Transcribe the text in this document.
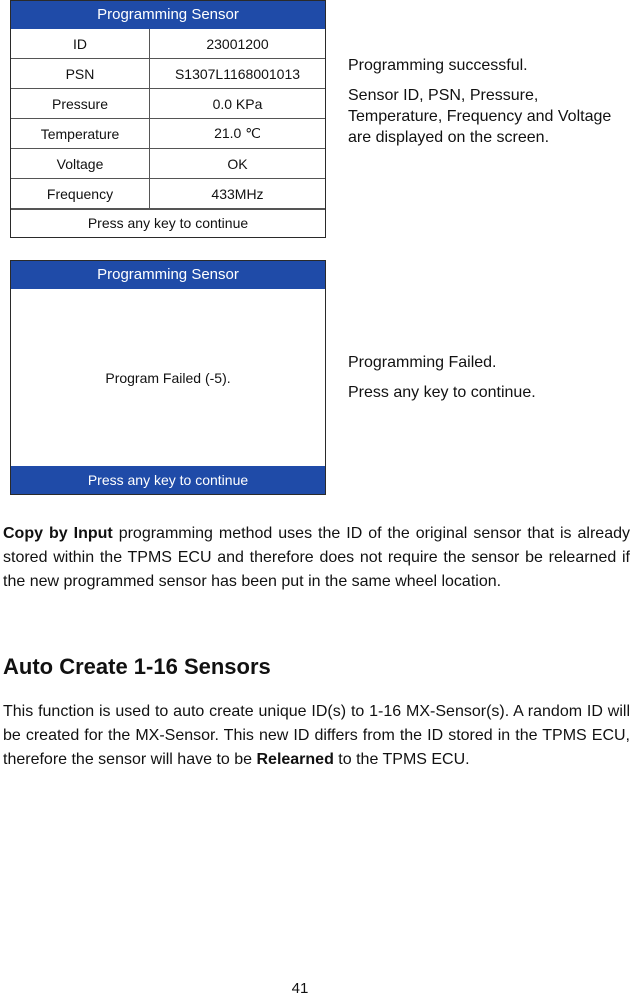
Programming Sensor
ID	23001200
PSN	S1307L1168001013
Pressure	0.0 KPa
Temperature	21.0 ℃
Voltage	OK
Frequency	433MHz
Press any key to continue

Programming successful.

Sensor ID, PSN, Pressure, Temperature, Frequency and Voltage are displayed on the screen.

Programming Sensor
Program Failed (-5).
Press any key to continue

Programming Failed.

Press any key to continue.

Copy by Input programming method uses the ID of the original sensor that is already stored within the TPMS ECU and therefore does not require the sensor be relearned if the new programmed sensor has been put in the same wheel location.

Auto Create 1-16 Sensors

This function is used to auto create unique ID(s) to 1-16 MX-Sensor(s). A random ID will be created for the MX-Sensor. This new ID differs from the ID stored in the TPMS ECU, therefore the sensor will have to be Relearned to the TPMS ECU.

41
